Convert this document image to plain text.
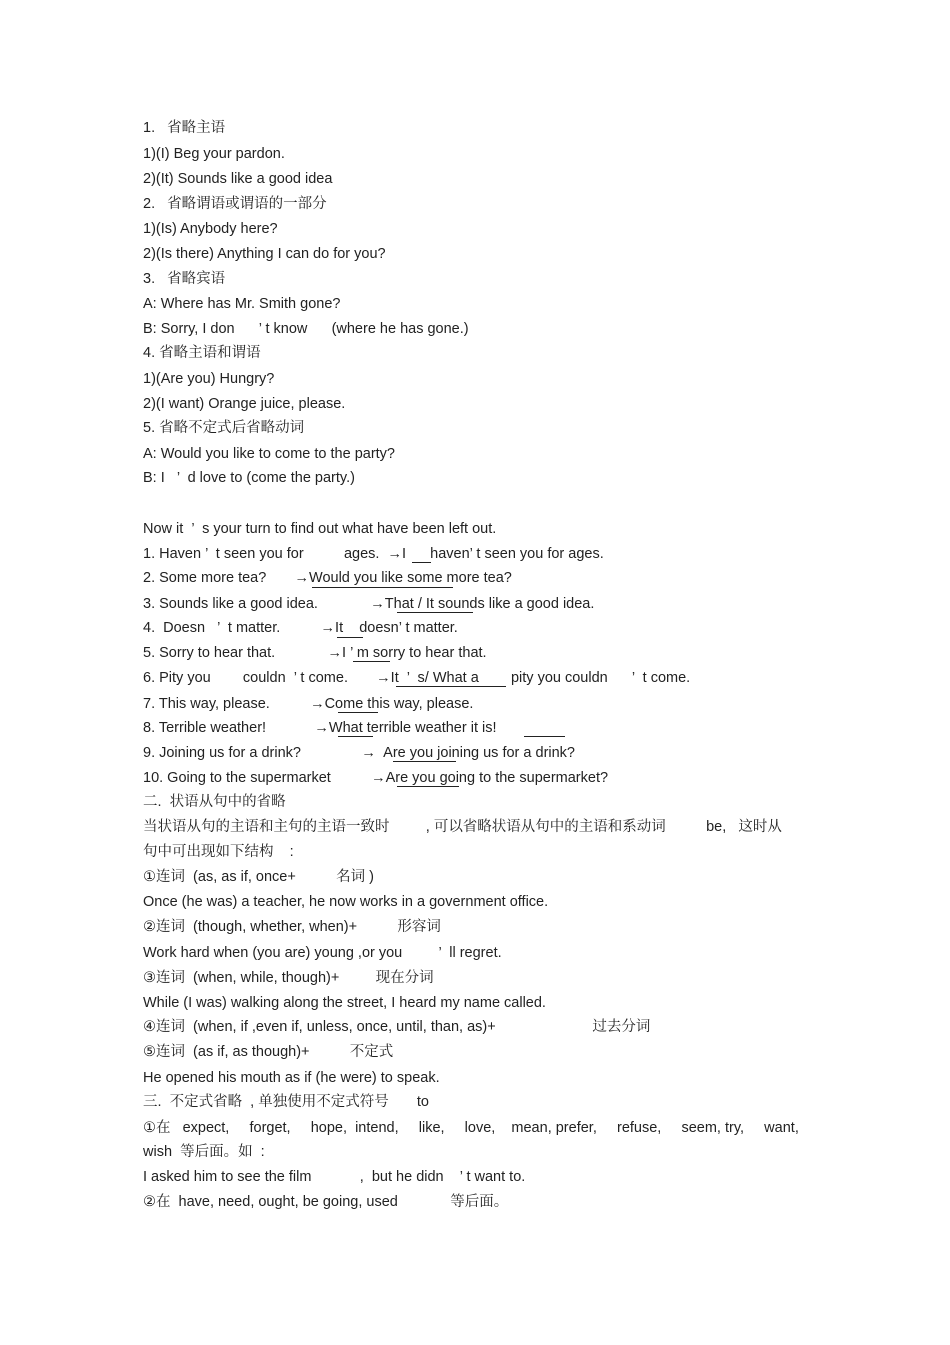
1.   省略主语
1)(I) Beg your pardon.
2)(It) Sounds like a good idea
2.   省略谓语或谓语的一部分
1)(Is) Anybody here?
2)(Is there) Anything I can do for you?
3.   省略宾语
A: Where has Mr. Smith gone?
B: Sorry, I don      ’ t know      (where he has gone.)
4. 省略主语和谓语
1)(Are you) Hungry?
2)(I want) Orange juice, please.
5. 省略不定式后省略动词
A: Would you like to come to the party?
B: I   ’  d love to (come the party.)
Now it  ’  s your turn to find out what have been left out.
1. Haven ’  t seen you for          ages.  →I      haven’ t seen you for ages.
2. Some more tea?       →Would you like some more tea?
3. Sounds like a good idea.             →That / It sounds like a good idea.
4.  Doesn   ’  t matter.          →It    doesn’ t matter.
5. Sorry to hear that.             →I ’ m sorry to hear that.
6. Pity you        couldn  ’ t come.       →It  ’  s/ What a        pity you couldn      ’  t come.
7. This way, please.          →Come this way, please.
8. Terrible weather!            →What terrible weather it is!
9. Joining us for a drink?               →  Are you joining us for a drink?
10. Going to the supermarket          →Are you going to the supermarket?
二.  状语从句中的省略
当状语从句的主语和主句的主语一致时         , 可以省略状语从句中的主语和系动词          be,   这时从
句中可出现如下结构    :
①连词  (as, as if, once+          名词 )
Once (he was) a teacher, he now works in a government office.
②连词  (though, whether, when)+          形容词
Work hard when (you are) young ,or you         ’  ll regret.
③连词  (when, while, though)+         现在分词
While (I was) walking along the street, I heard my name called.
④连词  (when, if ,even if, unless, once, until, than, as)+                        过去分词
⑤连词  (as if, as though)+          不定式
He opened his mouth as if (he were) to speak.
三.  不定式省略  , 单独使用不定式符号       to
①在   expect,     forget,     hope,  intend,     like,     love,    mean, prefer,     refuse,     seem, try,     want,
wish  等后面。如  :
I asked him to see the film            ,  but he didn    ’ t want to.
②在  have, need, ought, be going, used             等后面。
